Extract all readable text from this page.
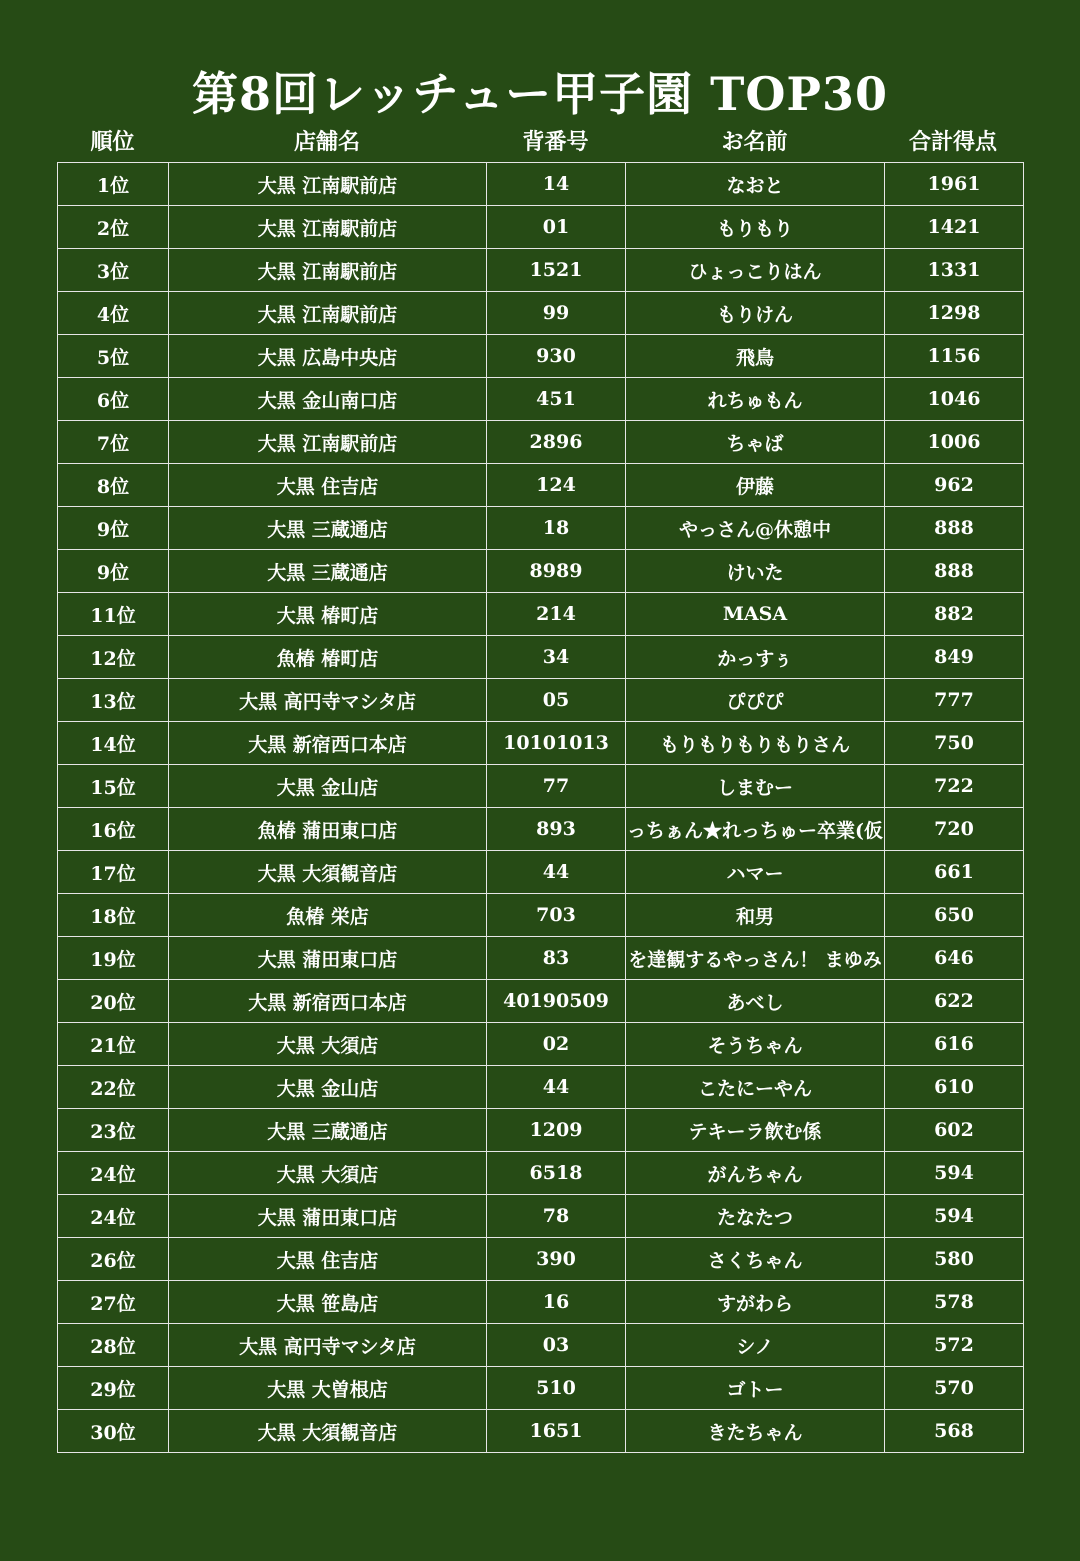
第8回レッチュー甲子園 TOP30
順位	店舗名	背番号	お名前	合計得点
1位	大黒 江南駅前店	14	なおと	1961
2位	大黒 江南駅前店	01	もりもり	1421
3位	大黒 江南駅前店	1521	ひょっこりはん	1331
4位	大黒 江南駅前店	99	もりけん	1298
5位	大黒 広島中央店	930	飛鳥	1156
6位	大黒 金山南口店	451	れちゅもん	1046
7位	大黒 江南駅前店	2896	ちゃば	1006
8位	大黒 住吉店	124	伊藤	962
9位	大黒 三蔵通店	18	やっさん@休憩中	888
9位	大黒 三蔵通店	8989	けいた	888
11位	大黒 椿町店	214	MASA	882
12位	魚椿 椿町店	34	かっすぅ	849
13位	大黒 高円寺マシタ店	05	ぴぴぴ	777
14位	大黒 新宿西口本店	10101013	もりもりもりもりさん	750
15位	大黒 金山店	77	しまむー	722
16位	魚椿 蒲田東口店	893	っちぁん★れっちゅー卒業(仮	720
17位	大黒 大須観音店	44	ハマー	661
18位	魚椿 栄店	703	和男	650
19位	大黒 蒲田東口店	83	を達観するやっさん！ まゆみ	646
20位	大黒 新宿西口本店	40190509	あべし	622
21位	大黒 大須店	02	そうちゃん	616
22位	大黒 金山店	44	こたにーやん	610
23位	大黒 三蔵通店	1209	テキーラ飲む係	602
24位	大黒 大須店	6518	がんちゃん	594
24位	大黒 蒲田東口店	78	たなたつ	594
26位	大黒 住吉店	390	さくちゃん	580
27位	大黒 笹島店	16	すがわら	578
28位	大黒 高円寺マシタ店	03	シノ	572
29位	大黒 大曽根店	510	ゴトー	570
30位	大黒 大須観音店	1651	きたちゃん	568
